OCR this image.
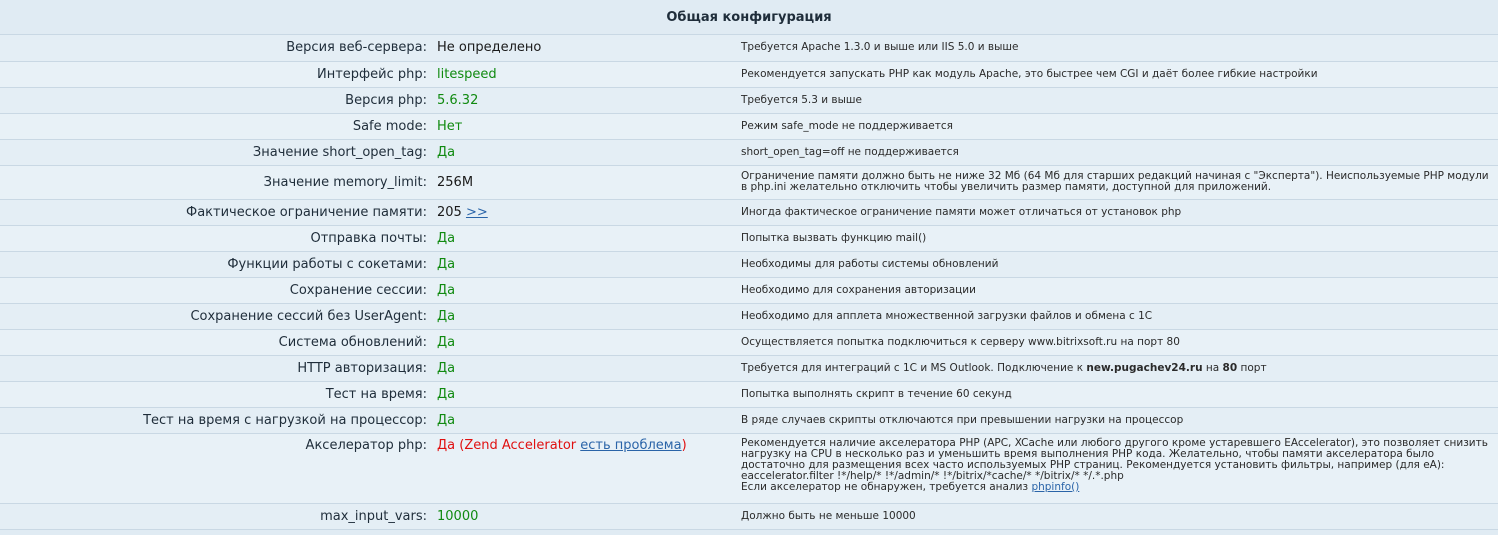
Общая конфигурация
Версия веб-сервера:	Не определено	Требуется Apache 1.3.0 и выше или IIS 5.0 и выше
Интерфейс php:	litespeed	Рекомендуется запускать PHP как модуль Apache, это быстрее чем CGI и даёт более гибкие настройки
Версия php:	5.6.32	Требуется 5.3 и выше
Safe mode:	Нет	Режим safe_mode не поддерживается
Значение short_open_tag:	Да	short_open_tag=off не поддерживается
Значение memory_limit:	256M	Ограничение памяти должно быть не ниже 32 Мб (64 Мб для старших редакций начиная с "Эксперта"). Неиспользуемые PHP модули в php.ini желательно отключить чтобы увеличить размер памяти, доступной для приложений.
Фактическое ограничение памяти:	205 >>	Иногда фактическое ограничение памяти может отличаться от установок php
Отправка почты:	Да	Попытка вызвать функцию mail()
Функции работы с сокетами:	Да	Необходимы для работы системы обновлений
Сохранение сессии:	Да	Необходимо для сохранения авторизации
Сохранение сессий без UserAgent:	Да	Необходимо для апплета множественной загрузки файлов и обмена с 1С
Система обновлений:	Да	Осуществляется попытка подключиться к серверу www.bitrixsoft.ru на порт 80
HTTP авторизация:	Да	Требуется для интеграций с 1С и MS Outlook. Подключение к new.pugachev24.ru на 80 порт
Тест на время:	Да	Попытка выполнять скрипт в течение 60 секунд
Тест на время с нагрузкой на процессор:	Да	В ряде случаев скрипты отключаются при превышении нагрузки на процессор
Акселератор php:	Да (Zend Accelerator есть проблема)	Рекомендуется наличие акселератора PHP (APC, XCache или любого другого кроме устаревшего EAccelerator), это позволяет снизить нагрузку на CPU в несколько раз и уменьшить время выполнения PHP кода. Желательно, чтобы памяти акселератора было достаточно для размещения всех часто используемых PHP страниц. Рекомендуется установить фильтры, например (для eA): eaccelerator.filter !*/help/* !*/admin/* !*/bitrix/*cache/* */bitrix/* */.*.php
Если акселератор не обнаружен, требуется анализ phpinfo()

max_input_vars:	10000	Должно быть не меньше 10000
